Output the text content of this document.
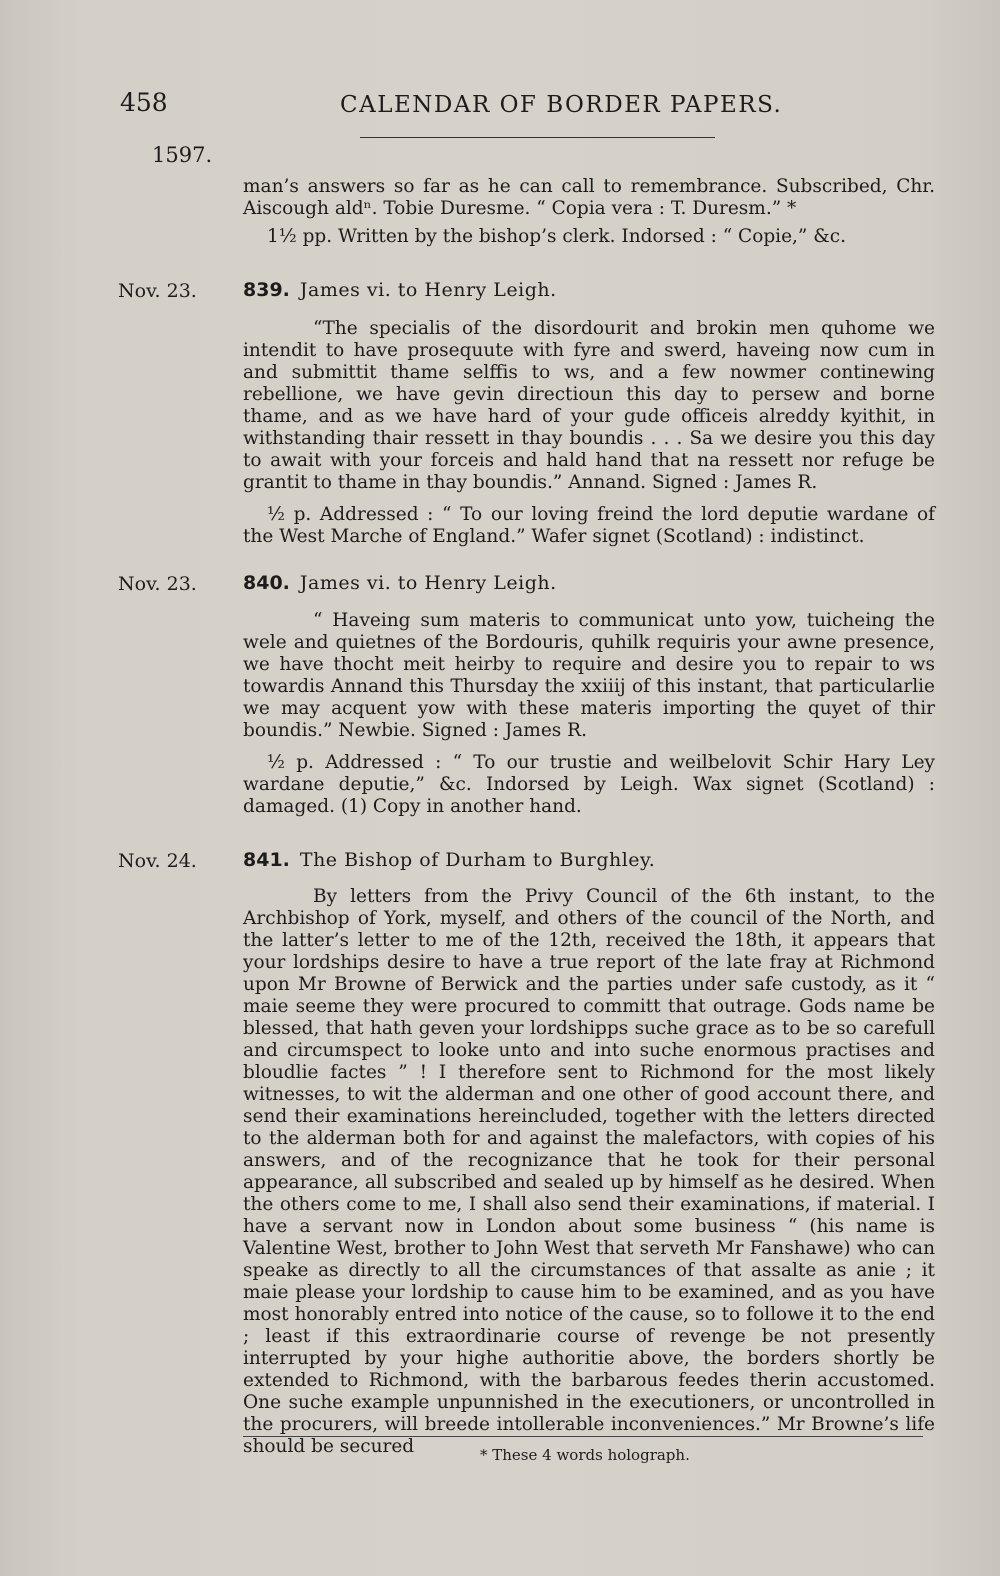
458	CALENDAR OF BORDER PAPERS.
1597.

man’s answers so far as he can call to remembrance. Subscribed, Chr. Aiscough aldⁿ. Tobie Duresme. “ Copia vera : T. Duresm.” *

1½ pp. Written by the bishop’s clerk. Indorsed : “ Copie,” &c.

Nov. 23. 839. James vi. to Henry Leigh.

“The specialis of the disordourit and brokin men quhome we intendit to have prosequute with fyre and swerd, haveing now cum in and submittit thame selffis to ws, and a few nowmer continewing rebellione, we have gevin directioun this day to persew and borne thame, and as we have hard of your gude officeis alreddy kyithit, in withstanding thair ressett in thay boundis . . . Sa we desire you this day to await with your forceis and hald hand that na ressett nor refuge be grantit to thame in thay boundis.” Annand. Signed : James R.

½ p. Addressed : “ To our loving freind the lord deputie wardane of the West Marche of England.” Wafer signet (Scotland) : indistinct.

Nov. 23. 840. James vi. to Henry Leigh.

“ Haveing sum materis to communicat unto yow, tuicheing the wele and quietnes of the Bordouris, quhilk requiris your awne presence, we have thocht meit heirby to require and desire you to repair to ws towardis Annand this Thursday the xxiiij of this instant, that particularlie we may acquent yow with these materis importing the quyet of thir boundis.” Newbie. Signed : James R.

½ p. Addressed : “ To our trustie and weilbelovit Schir Hary Ley wardane deputie,” &c. Indorsed by Leigh. Wax signet (Scotland) : damaged. (1) Copy in another hand.

Nov. 24. 841. The Bishop of Durham to Burghley.

By letters from the Privy Council of the 6th instant, to the Archbishop of York, myself, and others of the council of the North, and the latter’s letter to me of the 12th, received the 18th, it appears that your lordships desire to have a true report of the late fray at Richmond upon Mr Browne of Berwick and the parties under safe custody, as it “ maie seeme they were procured to committ that outrage. Gods name be blessed, that hath geven your lordshipps suche grace as to be so carefull and circumspect to looke unto and into suche enormous practises and bloudlie factes ” ! I therefore sent to Richmond for the most likely witnesses, to wit the alderman and one other of good account there, and send their examinations hereincluded, together with the letters directed to the alderman both for and against the malefactors, with copies of his answers, and of the recognizance that he took for their personal appearance, all subscribed and sealed up by himself as he desired. When the others come to me, I shall also send their examinations, if material. I have a servant now in London about some business “ (his name is Valentine West, brother to John West that serveth Mr Fanshawe) who can speake as directly to all the circumstances of that assalte as anie ; it maie please your lordship to cause him to be examined, and as you have most honorably entred into notice of the cause, so to followe it to the end ; least if this extraordinarie course of revenge be not presently interrupted by your highe authoritie above, the borders shortly be extended to Richmond, with the barbarous feedes therin accustomed. One suche example unpunnished in the executioners, or uncontrolled in the procurers, will breede intollerable inconveniences.” Mr Browne’s life should be secured	* These 4 words holograph.
